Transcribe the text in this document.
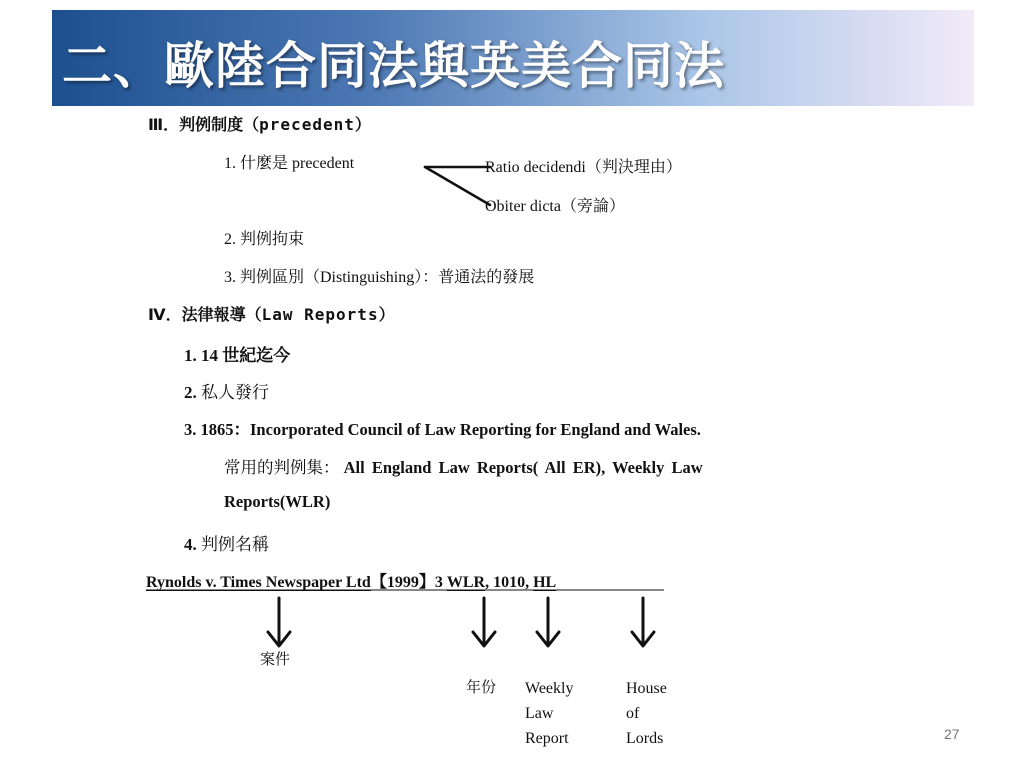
二、歐陸合同法與英美合同法
Ⅲ．判例制度（precedent）
1. 什麼是 precedent	Ratio decidendi（判決理由）
Obiter dicta（旁論）
2. 判例拘束
3. 判例區別（Distinguishing）：普通法的發展
Ⅳ．法律報導（Law Reports）
1. 14 世紀迄今
2. 私人發行
3. 1865：Incorporated Council of Law Reporting for England and Wales.
常用的判例集： All England Law Reports( All ER), Weekly Law
Reports(WLR)
4. 判例名稱
Rynolds v. Times Newspaper Ltd【1999】3 WLR, 1010, HL
案件
年份 Weekly
Law
Report
House
of
Lords	27
